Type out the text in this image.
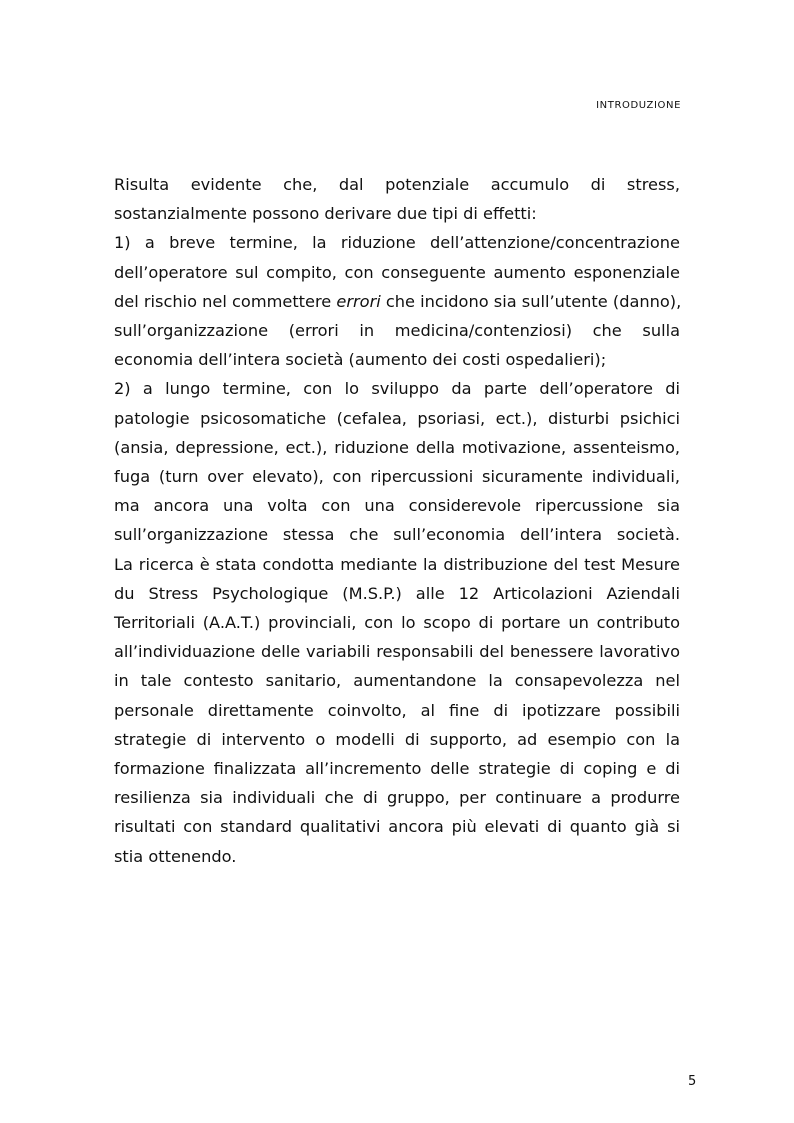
INTRODUZIONE
Risulta evidente che, dal potenziale accumulo di stress,
sostanzialmente possono derivare due tipi di effetti:
1) a breve termine, la riduzione dell’attenzione/concentrazione
dell’operatore sul compito, con conseguente aumento esponenziale
del rischio nel commettere errori che incidono sia sull’utente (danno),
sull’organizzazione (errori in medicina/contenziosi) che sulla
economia dell’intera società (aumento dei costi ospedalieri);
2) a lungo termine, con lo sviluppo da parte dell’operatore di
patologie psicosomatiche (cefalea, psoriasi, ect.), disturbi psichici
(ansia, depressione, ect.), riduzione della motivazione, assenteismo,
fuga (turn over elevato), con ripercussioni sicuramente individuali,
ma ancora una volta con una considerevole ripercussione sia
sull’organizzazione stessa che sull’economia dell’intera società.
La ricerca è stata condotta mediante la distribuzione del test Mesure
du Stress Psychologique (M.S.P.) alle 12 Articolazioni Aziendali
Territoriali (A.A.T.) provinciali, con lo scopo di portare un contributo
all’individuazione delle variabili responsabili del benessere lavorativo
in tale contesto sanitario, aumentandone la consapevolezza nel
personale direttamente coinvolto, al fine di ipotizzare possibili
strategie di intervento o modelli di supporto, ad esempio con la
formazione finalizzata all’incremento delle strategie di coping e di
resilienza sia individuali che di gruppo, per continuare a produrre
risultati con standard qualitativi ancora più elevati di quanto già si
stia ottenendo.
5
